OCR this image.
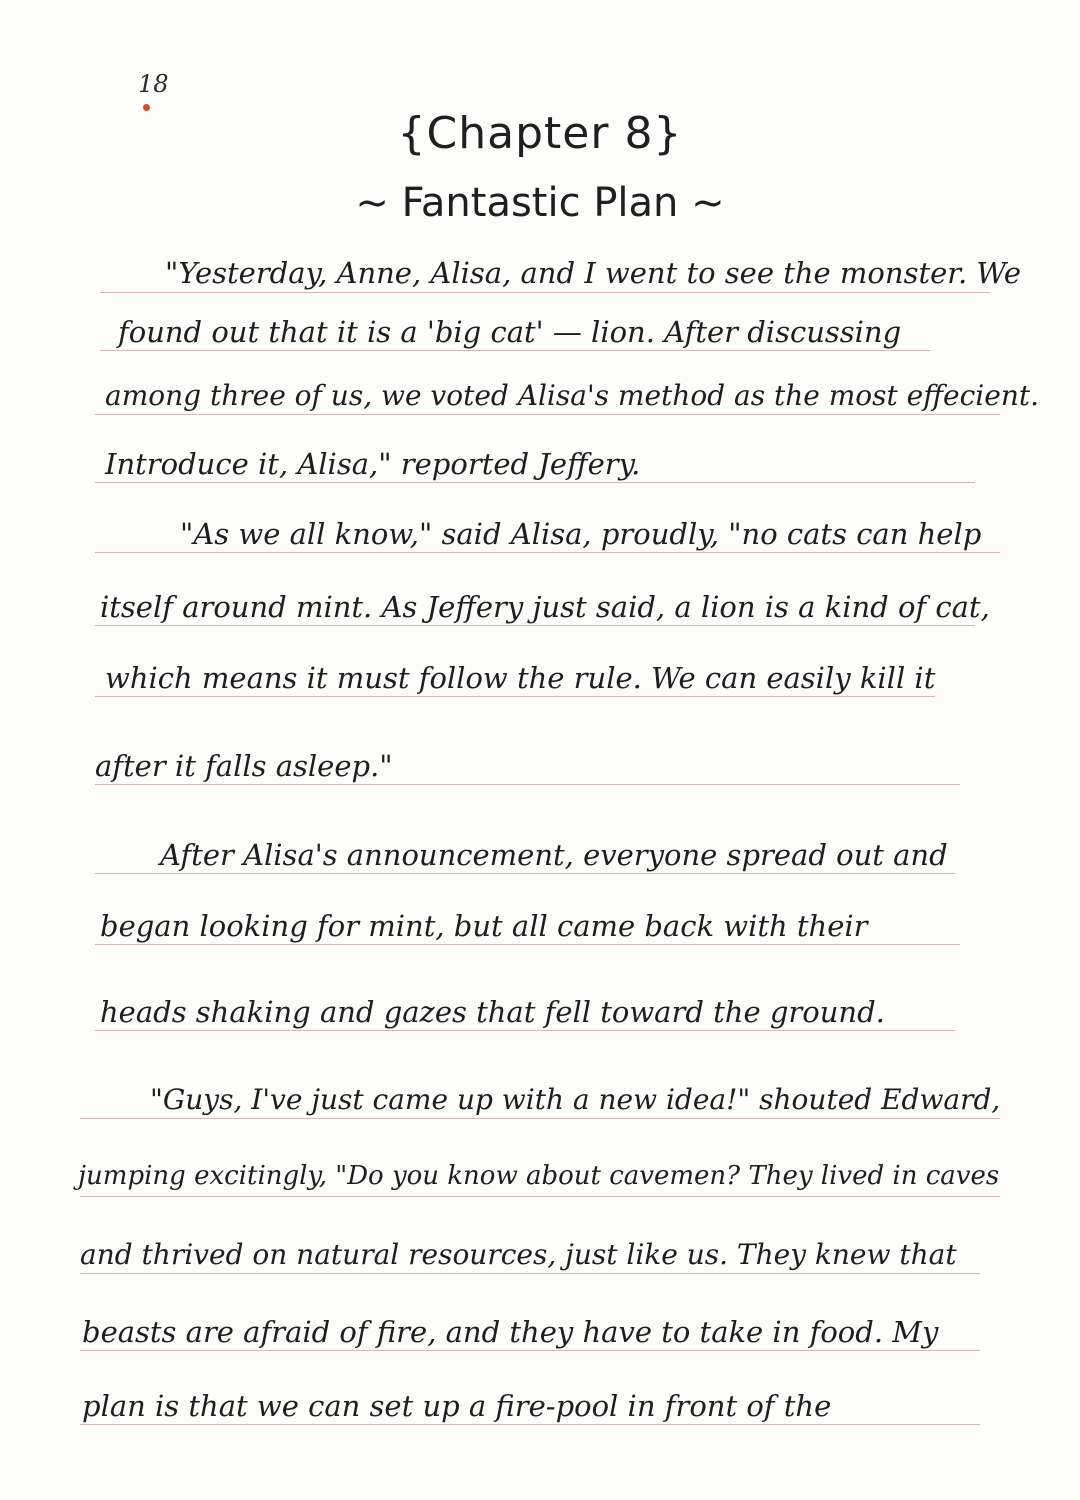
18
{Chapter 8}
~ Fantastic Plan ~
"Yesterday, Anne, Alisa, and I went to see the monster. We
found out that it is a 'big cat' — lion. After discussing
among three of us, we voted Alisa's method as the most effecient.
Introduce it, Alisa," reported Jeffery.
"As we all know," said Alisa, proudly, "no cats can help
itself around mint. As Jeffery just said, a lion is a kind of cat,
which means it must follow the rule. We can easily kill it
after it falls asleep."
After Alisa's announcement, everyone spread out and
began looking for mint, but all came back with their
heads shaking and gazes that fell toward the ground.
"Guys, I've just came up with a new idea!" shouted Edward,
jumping excitingly, "Do you know about cavemen? They lived in caves
and thrived on natural resources, just like us. They knew that
beasts are afraid of fire, and they have to take in food. My
plan is that we can set up a fire-pool in front of the
